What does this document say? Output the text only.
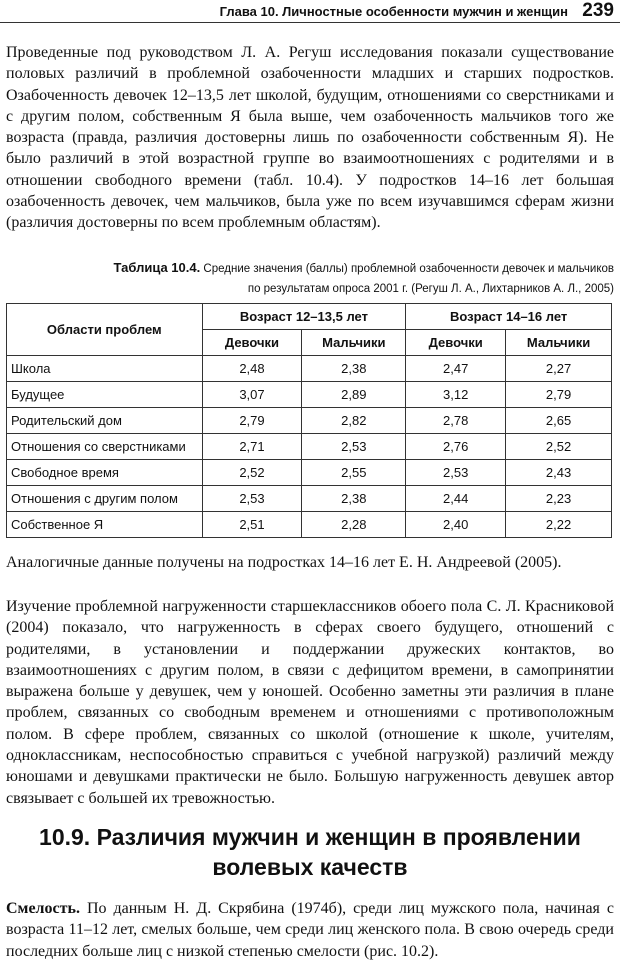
Глава 10. Личностные особенности мужчин и женщин 239

Проведенные под руководством Л. А. Регуш исследования показали существование половых различий в проблемной озабоченности младших и старших подростков. Озабоченность девочек 12–13,5 лет школой, будущим, отношениями со сверстниками и с другим полом, собственным Я была выше, чем озабоченность мальчиков того же возраста (правда, различия достоверны лишь по озабоченности собственным Я). Не было различий в этой возрастной группе во взаимоотношениях с родителями и в отношении свободного времени (табл. 10.4). У подростков 14–16 лет большая озабоченность девочек, чем мальчиков, была уже по всем изучавшимся сферам жизни (различия достоверны по всем проблемным областям).

Таблица 10.4. Средние значения (баллы) проблемной озабоченности девочек и мальчиков по результатам опроса 2001 г. (Регуш Л. А., Лихтарников А. Л., 2005)
Области проблем	Возраст 12–13,5 лет		Возраст 14–16 лет	
	Девочки	Мальчики	Девочки	Мальчики
Школа	2,48	2,38	2,47	2,27
Будущее	3,07	2,89	3,12	2,79
Родительский дом	2,79	2,82	2,78	2,65
Отношения со сверстниками	2,71	2,53	2,76	2,52
Свободное время	2,52	2,55	2,53	2,43
Отношения с другим полом	2,53	2,38	2,44	2,23
Собственное Я	2,51	2,28	2,40	2,22

Аналогичные данные получены на подростках 14–16 лет Е. Н. Андреевой (2005).

Изучение проблемной нагруженности старшеклассников обоего пола С. Л. Красниковой (2004) показало, что нагруженность в сферах своего будущего, отношений с родителями, в установлении и поддержании дружеских контактов, во взаимоотношениях с другим полом, в связи с дефицитом времени, в самопринятии выражена больше у девушек, чем у юношей. Особенно заметны эти различия в плане проблем, связанных со свободным временем и отношениями с противоположным полом. В сфере проблем, связанных со школой (отношение к школе, учителям, одноклассникам, неспособностью справиться с учебной нагрузкой) различий между юношами и девушками практически не было. Большую нагруженность девушек автор связывает с большей их тревожностью.

10.9. Различия мужчин и женщин в проявлении
волевых качеств

Смелость. По данным Н. Д. Скрябина (1974б), среди лиц мужского пола, начиная с возраста 11–12 лет, смелых больше, чем среди лиц женского пола. В свою очередь среди последних больше лиц с низкой степенью смелости (рис. 10.2).
